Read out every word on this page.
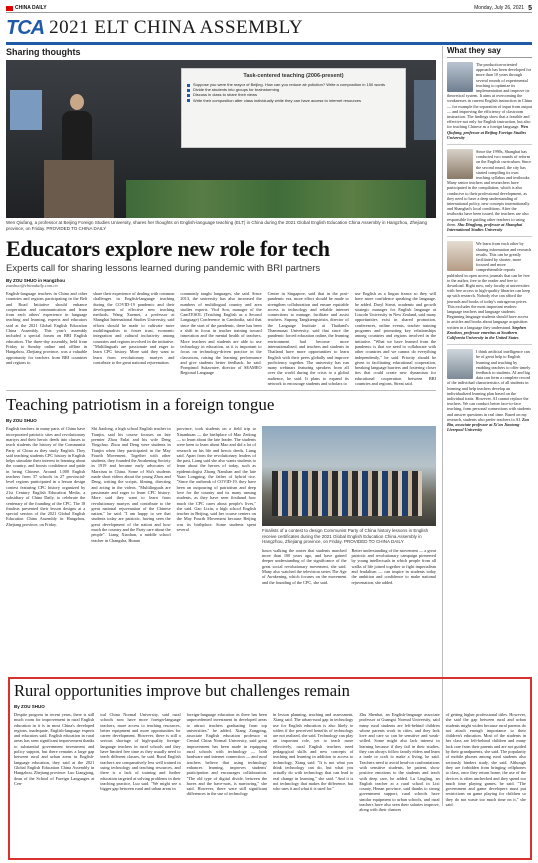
CHINA DAILY	Monday, July 26, 2021 5
TCA 2021 ELT CHINA ASSEMBLY
Sharing thoughts
Task-centered teaching (2006-present)
Suppose you were the mayor of Beijing. How can you reduce air pollution? Write a composition in 150 words
Divide the students into groups for brainstorming
Discuss in class to share their views
Write their composition after class individually while they can have access to internet resources
Wen Qiufang, a professor at Beijing Foreign Studies University, shares her thoughts on English-language teaching (ELT) in China during the 2021 Global English Education China Assembly in Hangzhou, Zhejiang province, on Friday. PROVIDED TO CHINA DAILY
Educators explore new role for tech
Experts call for sharing lessons learned during pandemic with BRI partners
By ZOU SHUO in Hangzhou
zoushuo@chinadaily.com.cn
English-language teachers in China and other countries and regions participating in the Belt and Road Initiative should enhance cooperation and communication and learn from each others' experience in language teaching and learning, experts and educators said at the 2021 Global English Education China Assembly. This year's assembly included a special forum on BRI English education. The three-day assembly, held from Friday to Sunday online and offline in Hangzhou, Zhejiang province, was a valuable opportunity for teachers from BRI countries and regions to
share their experience of dealing with common challenges in English-language teaching during the COVID-19 pandemic and their development of effective new teaching methods. Wang Xuemei, a professor at Shanghai International Studies University, said efforts should be made to cultivate more multilingualists to foster trust, economic integration and cultural inclusivity among countries and regions involved in the initiative. "Multilinguals are passionate and eager to learn CPC history. More said they want to learn from revolutionary martyrs and contribute to the great national rejuvenation.
commonly taught languages, she said. Since 2013, the university has also increased the numbers of multilingual country and area studies experts. Vicd Son, manager of the CamTESOL (Teaching English as a Second Language) Conference in Cambodia, said that since the start of the pandemic, there has been a shift in focus in teacher training toward innovation and the mental health of teachers. More teachers and students are able to use technology in education, as it is important to focus on technology-driven practice in the classroom, raising the learning performance and give students better feedback, he said. Pornpimol Sukavatee, director of SEAMEO Regional Language
Centre in Singapore, said that in the post-pandemic era, more effort should be made to strengthen collaboration and ensure equitable access to technology and reliable internet connections to manage, facilitate and assist teachers. Supong Tangkiengsirisin, director of the Language Institute at Thailand's Thammasat University, said that since the pandemic forced education online, the learning environment had become more internationalized, and teachers and students in Thailand have more opportunities to learn English with their peers globally and improve proficiency together. The university has run many webinars featuring speakers from all over the world during the crisis to a global audience, he said. It plans to expand its network to encourage students and scholars to
use English as a lingua franca so they will have more confidence speaking the language, he added. Daryl Streat, academic and growth strategic manager for English language at Lincoln University in New Zealand, said many opportunities exist in shared promotion, conferences, online events, teacher training programs and promoting key relationships among countries and regions involved in the initiative. "What we have learned from the pandemic is that we need to collaborate with other countries and we cannot do everything independently," he said. Priority should be given to facilitating educational cooperation, breaking language barriers and fostering closer ties that could create new dynamism for educational cooperation between BRI countries and regions, Streat said.
Teaching patriotism in a foreign tongue
By ZOU SHUO
English teachers in many parts of China have incorporated patriotic sites and revolutionary martyrs and their heroic deeds into classes to teach students the history of the Communist Party of China as they study English. They said teaching students CPC history in English helps stimulate their interest in learning about the country, and boosts confidence and pride in being Chinese. Around 1,000 English teachers from 37 schools in 27 provincial-level regions participated in a lesson design contest featuring CPC history organized by 21st Century English Education Media, a subsidiary of China Daily, to celebrate the centenary of the founding of the CPC. The 18 finalists presented their lesson designs at a special session of the 2021 Global English Education China Assembly in Hangzhou, Zhejiang province, on Friday.
Shi Jiaolong, a high school English teacher in Tianjin, said his course focuses on late premier Zhou Enlai and his wife Deng Yingchao. Zhou and Deng were students in Tianjin when they participated in the May Fourth Movement. Together with other students, they founded the Awakening Society in 1919 and became early advocates of Marxism in China. Some of Shi's students made short videos about the young Zhou and Deng, writing the scripts, filming, directing and acting in the videos. "Multilinguals are passionate and eager to learn CPC history. More said they want to learn from revolutionary martyrs and contribute to the great national rejuvenation of the Chinese nation," he said. "I am happy to see that students today are patriotic, having seen the great development of the nation and how much the country and the Party care about the people". Liang Xiaohan, a middle school teacher in Changsha, Hunan
province, took students on a field trip to Xinanhuan — the birthplace of Mao Zedong — to learn about the late leader. The students were keen to learn about Mao and did a lot of research on his life and heroic deeds, Liang said. Apart from the revolutionary leaders of the past, Liang said she also wants students to learn about the heroes of today, such as epidemiologist Zhong Nanshan and the late Yuan Longping, the father of hybrid rice. "Since the outbreak of COVID-19, they have been an outpouring of patriotism and deep love for the country and its many unsung students, as they have seen firsthand how much the CPC cares about people's lives," she said. Gao Lixin, a high school English teacher in Beijing, said her course centers on the May Fourth Movement because Beijing was its birthplace. Some students spent several	Finalists of a contest to design Communist Party of China history lessons in English receive certificates during the 2021 Global English Education China Assembly in Hangzhou, Zhejiang province, on Friday. PROVIDED TO CHINA DAILY
hours walking the routes that students marched more than 100 years ago, and have gained deeper understanding of the significance of the great social revolutionary movement, she said. Many also watched the television series The Age of Awakening, which focuses on the movement and the founding of the CPC, she said.
Better understanding of the movement — a great patriotic and revolutionary campaign pioneered by young intellectuals in which people from all walks of life joined together to fight imperialism and feudalism — can inspire in students today the ambition and confidence to make national rejuvenation, she added.
What they say
The production-oriented approach has been developed for more than 10 years through several rounds of experimental teaching to optimize its implementation and improve its theoretical system. It aims at overcoming the weaknesses in current English instruction in China — for example the separation of input from output — and improving the efficiency of classroom instruction. The findings show that a feasible and effective not only for English instruction, but also for teaching Chinese as a foreign language. Wen Qiufang, professor at Beijing Foreign Studies University
Since the 1990s, Shanghai has conducted two rounds of reform on the English curriculum. Since the second round, the city has started compiling its own teaching syllabus and textbooks. Many senior teachers and researchers have participated in the compilation, which is also conducive to their professional development, as they need to have a deep understanding of international policy, new concepts internationally and Shanghai's local conditions. After the textbooks have been issued, the teachers are also responsible for guiding other teachers to using them. Shu Dingfang, professor at Shanghai International Studies University
We learn from each other by sharing information and research results. This can be greatly facilitated by shorter, more focused and more comprehensible reports published in open access journals that can be free to the author, free to the reader and free to download. Right now, only faculty at universities with free access to high-quality libraries can keep up with research. Nobody else can afford the journals and books of today's outrageous prices. This excludes the most important readers: language teachers and language students. Beginning language students should have access to articles and books about language acquisition written in a language they understand. Stephen Krashen, professor emeritus at Southern California University in the United States
I think artificial intelligence can be of great help to English learning and teaching by enabling teachers to offer timely feedback to students. AI and big data can form a complete record of the individual characteristics of all students in learning and help teachers develop an individualized learning plan based on the individual traits. However, AI cannot replace the teachers. We can conduct better face-to-face teaching, form personal connections with students and answer questions in real time. Based on my research, students also prefer teachers to AI. Zou Bin, associate professor at Xi'an Jiaotong-Liverpool University
Rural opportunities improve but challenges remain
By ZOU SHUO
Despite progress in recent years, there is still much room for improvement in rural English education in it is in most China's developed regions, inadequate, English-language experts and educators said. English education in rural areas has seen significant improvement thanks to substantial government investment and policy support, but there remains a large gap between rural and urban areas in English-language education, they said at the 2021 Global English Education China Assembly in Hangzhou, Zhejiang province. Luo Liangjong, dean of the School of Foreign Languages at Cen-
tral China Normal University, said rural schools now have more foreign-language teachers, more access to teaching resources, better equipment and more opportunities for career development. However, there is still a serious shortage of high-quality foreign-language teachers in rural schools and they have limited free time as they usually need to teach different classes, he said. Rural English teachers are comparatively less well trained in using technology and teaching resources, and there is a lack of training and further education targeted at solving problems in their teaching practice, Luo said. "We might see a bigger gap between rural and urban areas in
foreign-language education as there has been unprecedented investment in developed areas to attract teachers graduating from top universities," he added. Xiang Zongping, associate English education professor at Central China Normal University, said great improvement has been made in equipping rural schools with technology — both hardware and internet connection — and rural teachers believe that using technology enhances learning, improves students' participation and encourages collaboration. "The old type of digital divide, between the haves and the have-nots, is narrowing," she said. However, there were still significant differences in the use of technology
in lesson planning, teaching and assessment, Xiang said. The urban-rural gap in technology use for English education is also likely to widen if the perceived benefits of technology are not realized, she said. Technology can play an important role, yet to teach more effectively, rural English teachers need pedagogical skills and new concepts of teaching and learning in addition to access to technology, Xiang said. "It is not what you think technology can do, but what you actually do with technology that can lead to real change in learning," she said. "And it is not technology that makes the difference, but who uses it and what it is used for."
Zhu Shenhai, an English-language associate professor at Guangxi Normal University, said many rural students are left-behind children whose parents work in cities, and they lack love and care so can be sensitive and weak-willed. Some might also lack interest in learning because if they fail in their studies, they can always follow family elders and learn a trade or craft to make a living, he said. Teachers need to avoid head-on confrontations with sensitive students, be patient, show positive emotions to the students and teach with deep care, he added. Lu Lingling, an English teacher at a rural school in Lixi county, Henan province, said thanks to strong government support, rural schools have similar equipment to urban schools, and rural teachers have also seen their salaries improve, along with their chances
of getting higher professional titles. However, she said the gap between rural and urban students might widen because rural parents do not attach enough importance to their children's education. Most of the students in her class are left-behind children and many lack care from their parents and are not guided by their grandparents, she said. The popularity of mobile phones among rural students also seriously hinders study, she said. Although they are forbidden from bringing cellphones to class, once they return home, the use of the devices is often unchecked and they spend too much time playing games, he said. "The government and game developers must put restrictions on game playing for children so they do not waste too much time on it," she said.
